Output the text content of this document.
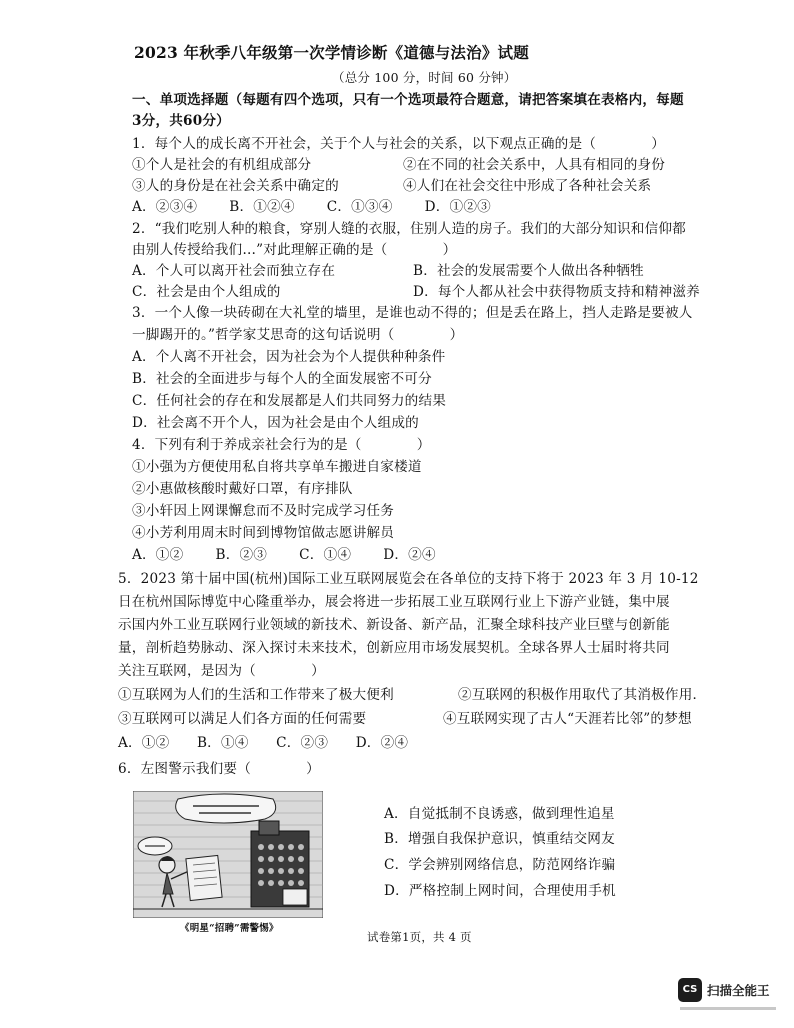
2023 年秋季八年级第一次学情诊断《道德与法治》试题
（总分 100 分，时间 60 分钟）
一、单项选择题（每题有四个选项，只有一个选项最符合题意，请把答案填在表格内，每题
3分，共60分）
1．每个人的成长离不开社会，关于个人与社会的关系，以下观点正确的是（　　　　）
①个人是社会的有机组成部分	②在不同的社会关系中，人具有相同的身份
③人的身份是在社会关系中确定的	④人们在社会交往中形成了各种社会关系
A．②③④　　 B．①②④　　 C．①③④　　 D．①②③
2．“我们吃别人种的粮食，穿别人缝的衣服，住别人造的房子。我们的大部分知识和信仰都
由别人传授给我们…”对此理解正确的是（　　　　）
A．个人可以离开社会而独立存在	B．社会的发展需要个人做出各种牺牲
C．社会是由个人组成的	D．每个人都从社会中获得物质支持和精神滋养
3．一个人像一块砖砌在大礼堂的墙里，是谁也动不得的；但是丢在路上，挡人走路是要被人
一脚踢开的。”哲学家艾思奇的这句话说明（　　　　）
A．个人离不开社会，因为社会为个人提供种种条件
B．社会的全面进步与每个人的全面发展密不可分
C．任何社会的存在和发展都是人们共同努力的结果
D．社会离不开个人，因为社会是由个人组成的
4．下列有利于养成亲社会行为的是（　　　　）
①小强为方便使用私自将共享单车搬进自家楼道
②小惠做核酸时戴好口罩，有序排队
③小轩因上网课懈怠而不及时完成学习任务
④小芳利用周末时间到博物馆做志愿讲解员
A．①②　　 B．②③　　 C．①④　　 D．②④
5．2023 第十届中国(杭州)国际工业互联网展览会在各单位的支持下将于 2023 年 3 月 10-12
日在杭州国际博览中心隆重举办，展会将进一步拓展工业互联网行业上下游产业链，集中展
示国内外工业互联网行业领域的新技术、新设备、新产品，汇聚全球科技产业巨壁与创新能
量，剖析趋势脉动、深入探讨未来技术，创新应用市场发展契机。全球各界人士届时将共同
关注互联网，是因为（　　　　）
①互联网为人们的生活和工作带来了极大便利	②互联网的积极作用取代了其消极作用．
③互联网可以满足人们各方面的任何需要	④互联网实现了古人“天涯若比邻”的梦想
A．①②　　B．①④　　C．②③　　D．②④
6．左图警示我们要（　　　　）
《明星“招聘”需警惕》
A．自觉抵制不良诱惑，做到理性追星
B．增强自我保护意识，慎重结交网友
C．学会辨别网络信息，防范网络诈骗
D．严格控制上网时间，合理使用手机
试卷第1页，共 4 页
CS 扫描全能王
